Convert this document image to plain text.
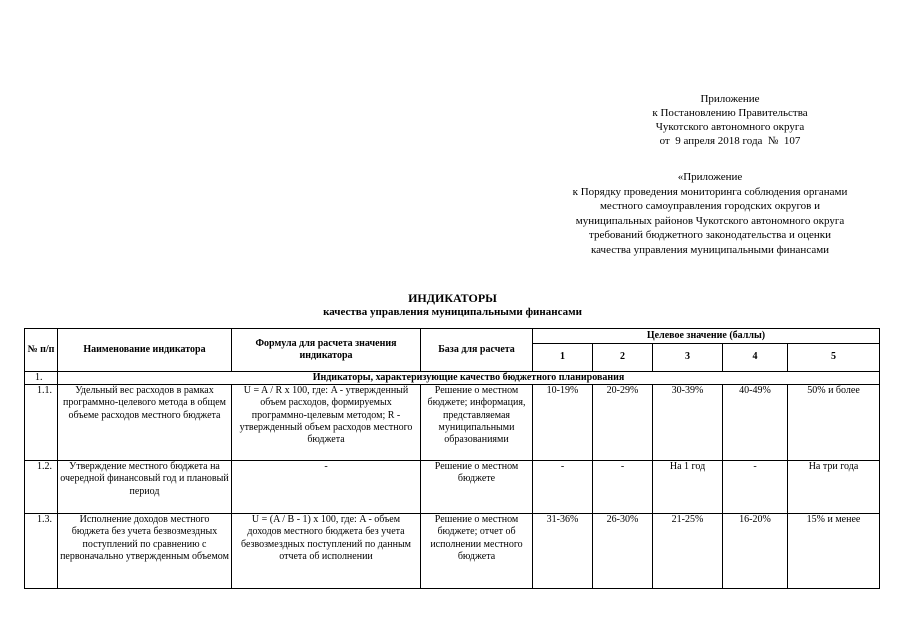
Приложение
к Постановлению Правительства
Чукотского автономного округа
от  9 апреля 2018 года  №  107
«Приложение
к Порядку проведения мониторинга соблюдения органами
местного самоуправления городских округов и
муниципальных районов Чукотского автономного округа
требований бюджетного законодательства и оценки
качества управления муниципальными финансами
ИНДИКАТОРЫ
качества управления муниципальными финансами
№ п/п	Наименование индикатора	Формула для расчета значения индикатора	База для расчета	Целевое значение (баллы)				
				1	2	3	4	5
1.	Индикаторы, характеризующие качество бюджетного планирования							
1.1.	Удельный вес расходов в рамках программно-целевого метода в общем объеме расходов местного бюджета	U = A / R x 100, где: A - утвержденный объем расходов, формируемых программно-целевым методом; R - утвержденный объем расходов местного бюджета	Решение о местном бюджете; информация, представляемая муниципальными образованиями	10-19%	20-29%	30-39%	40-49%	50% и более
1.2.	Утверждение местного бюджета на очередной финансовый год и плановый период	-	Решение о местном бюджете	-	-	На 1 год	-	На три года
1.3.	Исполнение доходов местного бюджета без учета безвозмездных поступлений по сравнению с первоначально утвержденным объемом	U = (A / B - 1) x 100, где: A - объем доходов местного бюджета без учета безвозмездных поступлений по данным отчета об исполнении	Решение о местном бюджете; отчет об исполнении местного бюджета	31-36%	26-30%	21-25%	16-20%	15% и менее
